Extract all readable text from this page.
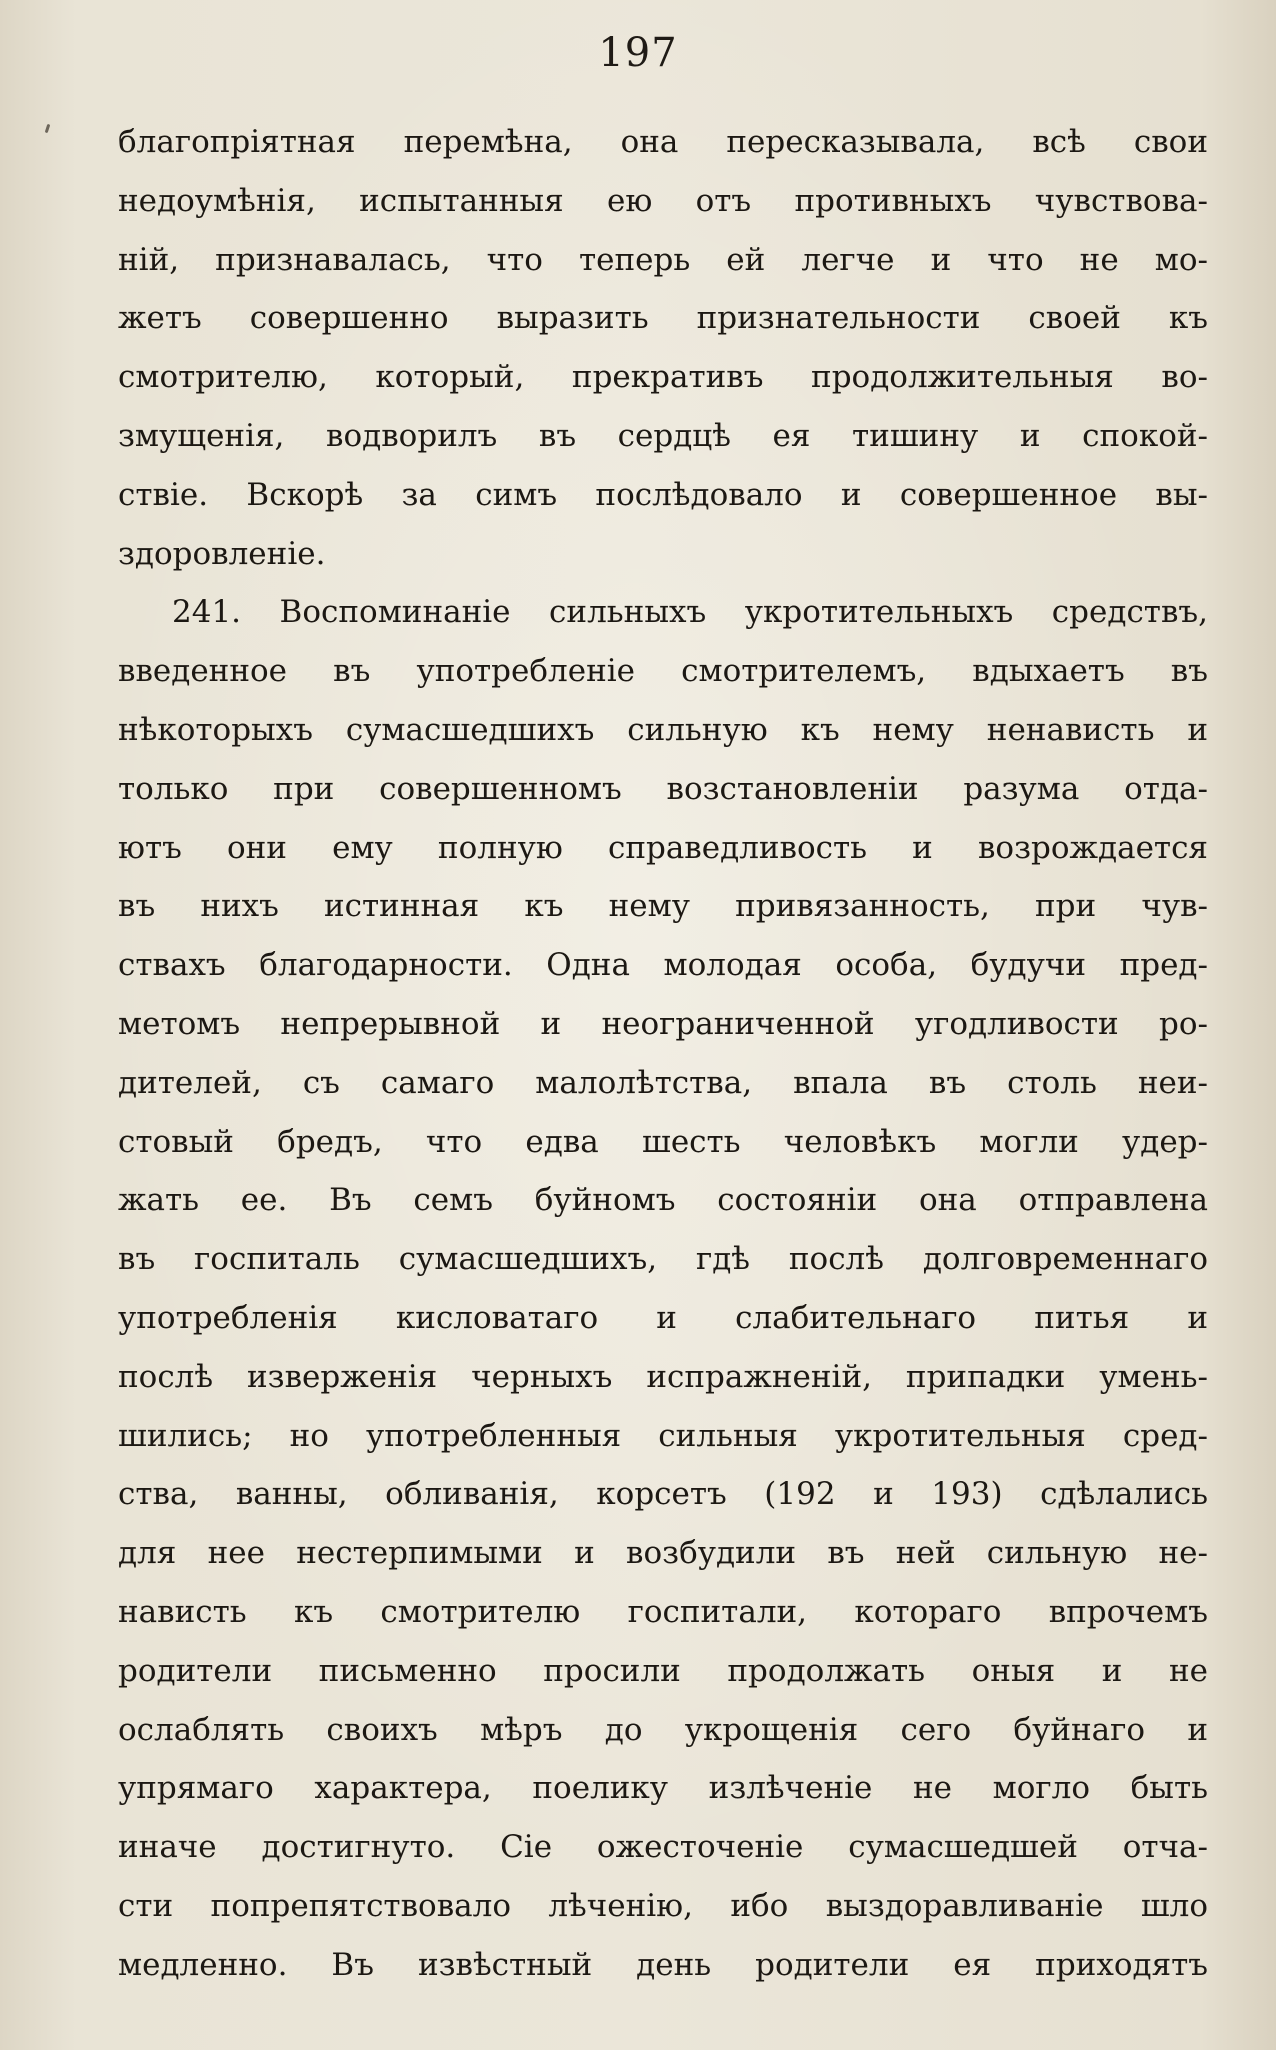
197
благопріятная перемѣна, она пересказывала, всѣ свои
недоумѣнія, испытанныя ею отъ противныхъ чувствова-
ній, признавалась, что теперь ей легче и что не мо-
жетъ совершенно выразить признательности своей къ
смотрителю, который, прекративъ продолжительныя во-
змущенія, водворилъ въ сердцѣ ея тишину и спокой-
ствіе. Вскорѣ за симъ послѣдовало и совершенное вы-
здоровленіе.
241. Воспоминаніе сильныхъ укротительныхъ средствъ,
введенное въ употребленіе смотрителемъ, вдыхаетъ въ
нѣкоторыхъ сумасшедшихъ сильную къ нему ненависть и
только при совершенномъ возстановленіи разума отда-
ютъ они ему полную справедливость и возрождается
въ нихъ истинная къ нему привязанность, при чув-
ствахъ благодарности. Одна молодая особа, будучи пред-
метомъ непрерывной и неограниченной угодливости ро-
дителей, съ самаго малолѣтства, впала въ столь неи-
стовый бредъ, что едва шесть человѣкъ могли удер-
жать ее. Въ семъ буйномъ состояніи она отправлена
въ госпиталь сумасшедшихъ, гдѣ послѣ долговременнаго
употребленія кисловатаго и слабительнаго питья и
послѣ изверженія черныхъ испражненій, припадки умень-
шились; но употребленныя сильныя укротительныя сред-
ства, ванны, обливанія, корсетъ (192 и 193) сдѣлались
для нее нестерпимыми и возбудили въ ней сильную не-
нависть къ смотрителю госпитали, котораго впрочемъ
родители письменно просили продолжать оныя и не
ослаблять своихъ мѣръ до укрощенія сего буйнаго и
упрямаго характера, поелику излѣченіе не могло быть
иначе достигнуто. Сіе ожесточеніе сумасшедшей отча-
сти попрепятствовало лѣченію, ибо выздоравливаніе шло
медленно. Въ извѣстный день родители ея приходятъ
